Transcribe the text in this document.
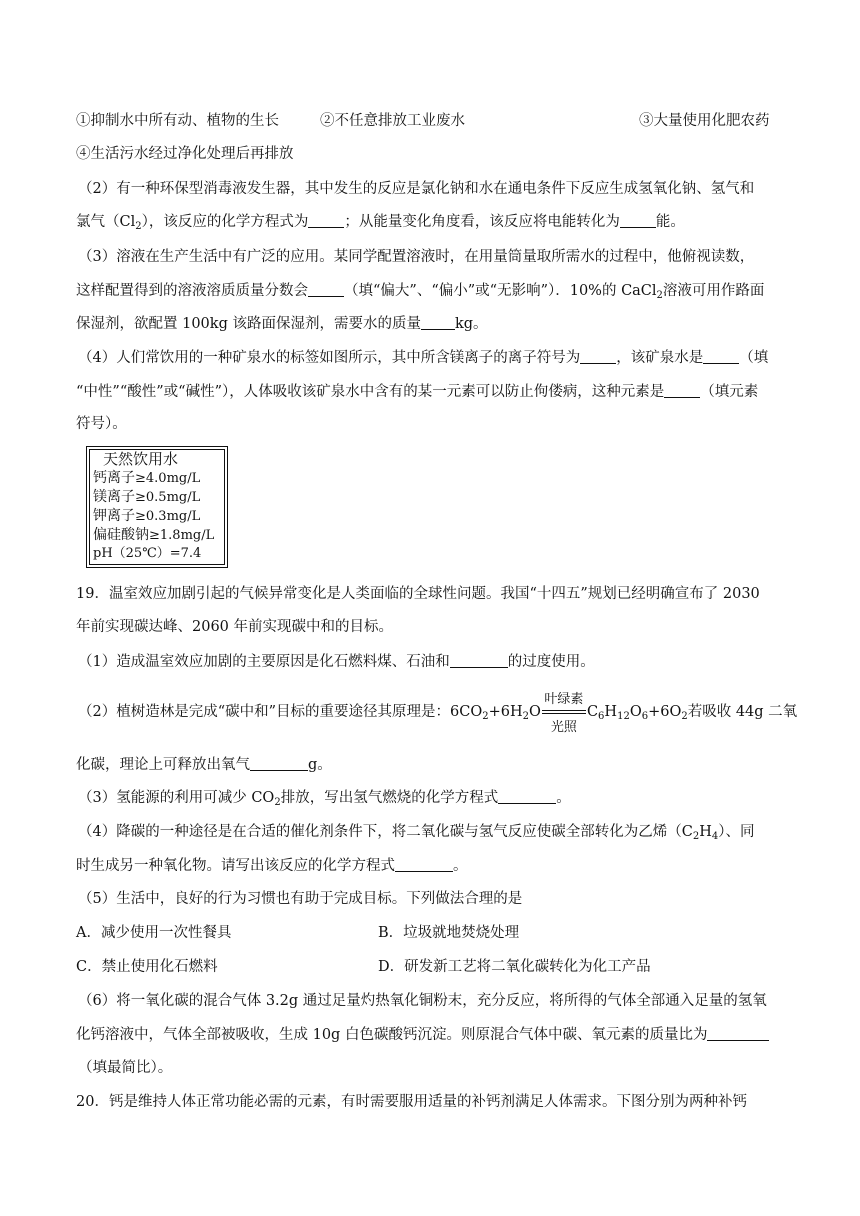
①抑制水中所有动、植物的生长	②不任意排放工业废水	③大量使用化肥农药
④生活污水经过净化处理后再排放
（2）有一种环保型消毒液发生器，其中发生的反应是氯化钠和水在通电条件下反应生成氢氧化钠、氢气和
氯气$(Cl_2)$，该反应的化学方程式为 ；从能量变化角度看，该反应将电能转化为 能。
（3）溶液在生产生活中有广泛的应用。某同学配置溶液时，在用量筒量取所需水的过程中，他俯视读数，
这样配置得到的溶液溶质质量分数会 （填“偏大”、“偏小”或“无影响”）．10%的 CaCl$_2$溶液可用作路面
保湿剂，欲配置 100kg 该路面保湿剂，需要水的质量 kg。
（4）人们常饮用的一种矿泉水的标签如图所示，其中所含镁离子的离子符号为 ，该矿泉水是 （填
“中性”“酸性”或“碱性”），人体吸收该矿泉水中含有的某一元素可以防止佝偻病，这种元素是 （填元素
符号）。
天然饮用水
钙离子≥4.0mg/L
镁离子≥0.5mg/L
钾离子≥0.3mg/L
偏硅酸钠≥1.8mg/L
pH（25℃）=7.4
19．温室效应加剧引起的气候异常变化是人类面临的全球性问题。我国“十四五”规划已经明确宣布了 2030
年前实现碳达峰、2060 年前实现碳中和的目标。
（1）造成温室效应加剧的主要原因是化石燃料煤、石油和	的过度使用。
（2）植树造林是完成“碳中和”目标的重要途径其原理是：$6CO_2+6H_2O$
叶绿素
光照
$C_6H_{12}O_6+6O_2$若吸收 44g 二氧
化碳，理论上可释放出氧气	g。
（3）氢能源的利用可减少 $CO_2$排放，写出氢气燃烧的化学方程式	。
（4）降碳的一种途径是在合适的催化剂条件下，将二氧化碳与氢气反应使碳全部转化为乙烯$(C_2H_4)$、同
时生成另一种氧化物。请写出该反应的化学方程式	。
（5）生活中，良好的行为习惯也有助于完成目标。下列做法合理的是
A．减少使用一次性餐具	B．垃圾就地焚烧处理
C．禁止使用化石燃料	D．研发新工艺将二氧化碳转化为化工产品
（6）将一氧化碳的混合气体 3.2g 通过足量灼热氧化铜粉末，充分反应，将所得的气体全部通入足量的氢氧
化钙溶液中，气体全部被吸收，生成 10g 白色碳酸钙沉淀。则原混合气体中碳、氧元素的质量比为
（填最简比）。
20．钙是维持人体正常功能必需的元素，有时需要服用适量的补钙剂满足人体需求。下图分别为两种补钙
